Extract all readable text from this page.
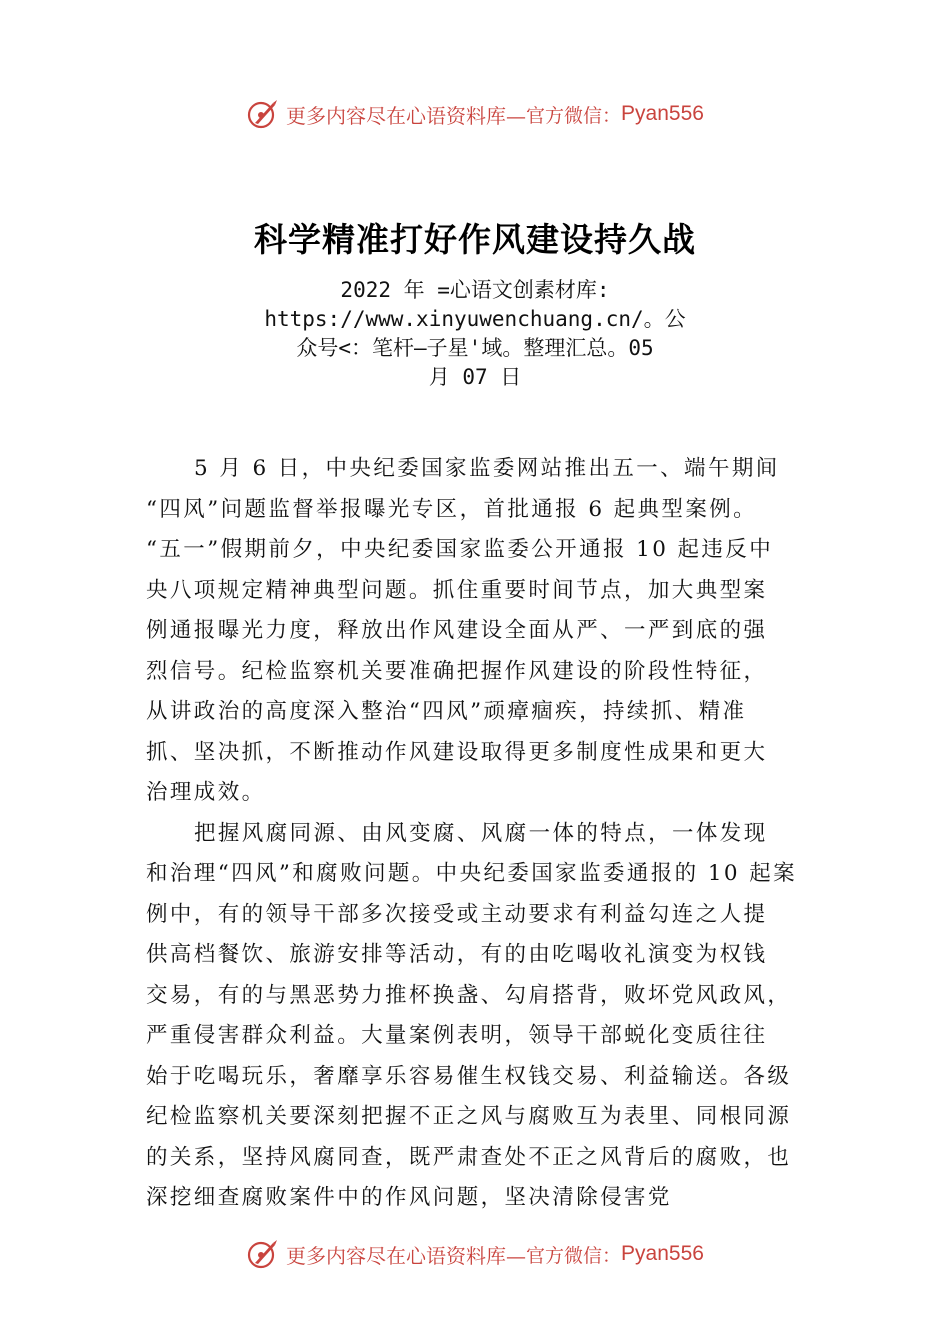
更多内容尽在心语资料库— 官方微信： Pyan556
科学精准打好作风建设持久战
2022 年 =心语文创素材库:
https://www.xinyuwenchuang.cn/。公
众号<：笔杆—子星'域。整理汇总。05
月 07 日
5 月 6 日，中央纪委国家监委网站推出五一、端午期间
“四风”问题监督举报曝光专区，首批通报 6 起典型案例。
“五一”假期前夕，中央纪委国家监委公开通报 10 起违反中
央八项规定精神典型问题。抓住重要时间节点，加大典型案
例通报曝光力度，释放出作风建设全面从严、一严到底的强
烈信号。纪检监察机关要准确把握作风建设的阶段性特征，
从讲政治的高度深入整治“四风”顽瘴痼疾，持续抓、精准
抓、坚决抓，不断推动作风建设取得更多制度性成果和更大
治理成效。
把握风腐同源、由风变腐、风腐一体的特点，一体发现
和治理“四风”和腐败问题。中央纪委国家监委通报的 10 起案
例中，有的领导干部多次接受或主动要求有利益勾连之人提
供高档餐饮、旅游安排等活动，有的由吃喝收礼演变为权钱
交易，有的与黑恶势力推杯换盏、勾肩搭背，败坏党风政风，
严重侵害群众利益。大量案例表明，领导干部蜕化变质往往
始于吃喝玩乐，奢靡享乐容易催生权钱交易、利益输送。各级
纪检监察机关要深刻把握不正之风与腐败互为表里、同根同源
的关系，坚持风腐同查，既严肃查处不正之风背后的腐败，也
深挖细查腐败案件中的作风问题，坚决清除侵害党
更多内容尽在心语资料库— 官方微信： Pyan556
